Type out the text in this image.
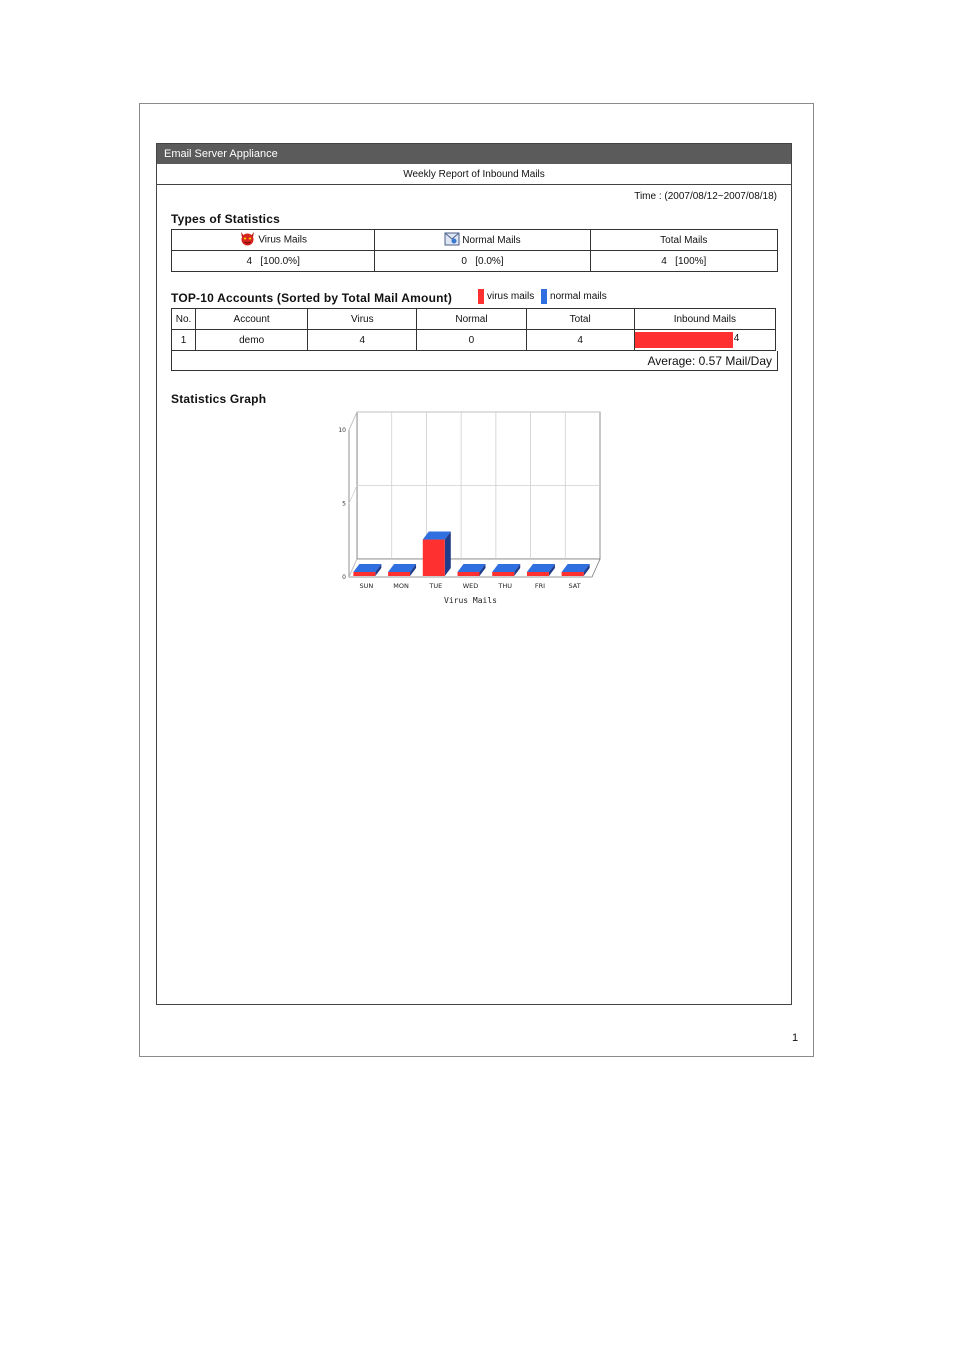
Email Server Appliance
Weekly Report of Inbound Mails
Time : (2007/08/12~2007/08/18)
Types of Statistics
Virus Mails	Normal Mails	Total Mails
4   [100.0%]	0   [0.0%]	4   [100%]
TOP-10 Accounts (Sorted by Total Mail Amount)	virus mails normal mails
No.	Account	Virus	Normal	Total	Inbound Mails
1	demo	4	0	4	4
Average: 0.57 Mail/Day
Statistics Graph
0
5
10
SUN	MON	TUE	WED	THU	FRI	SAT
Virus Mails
1
